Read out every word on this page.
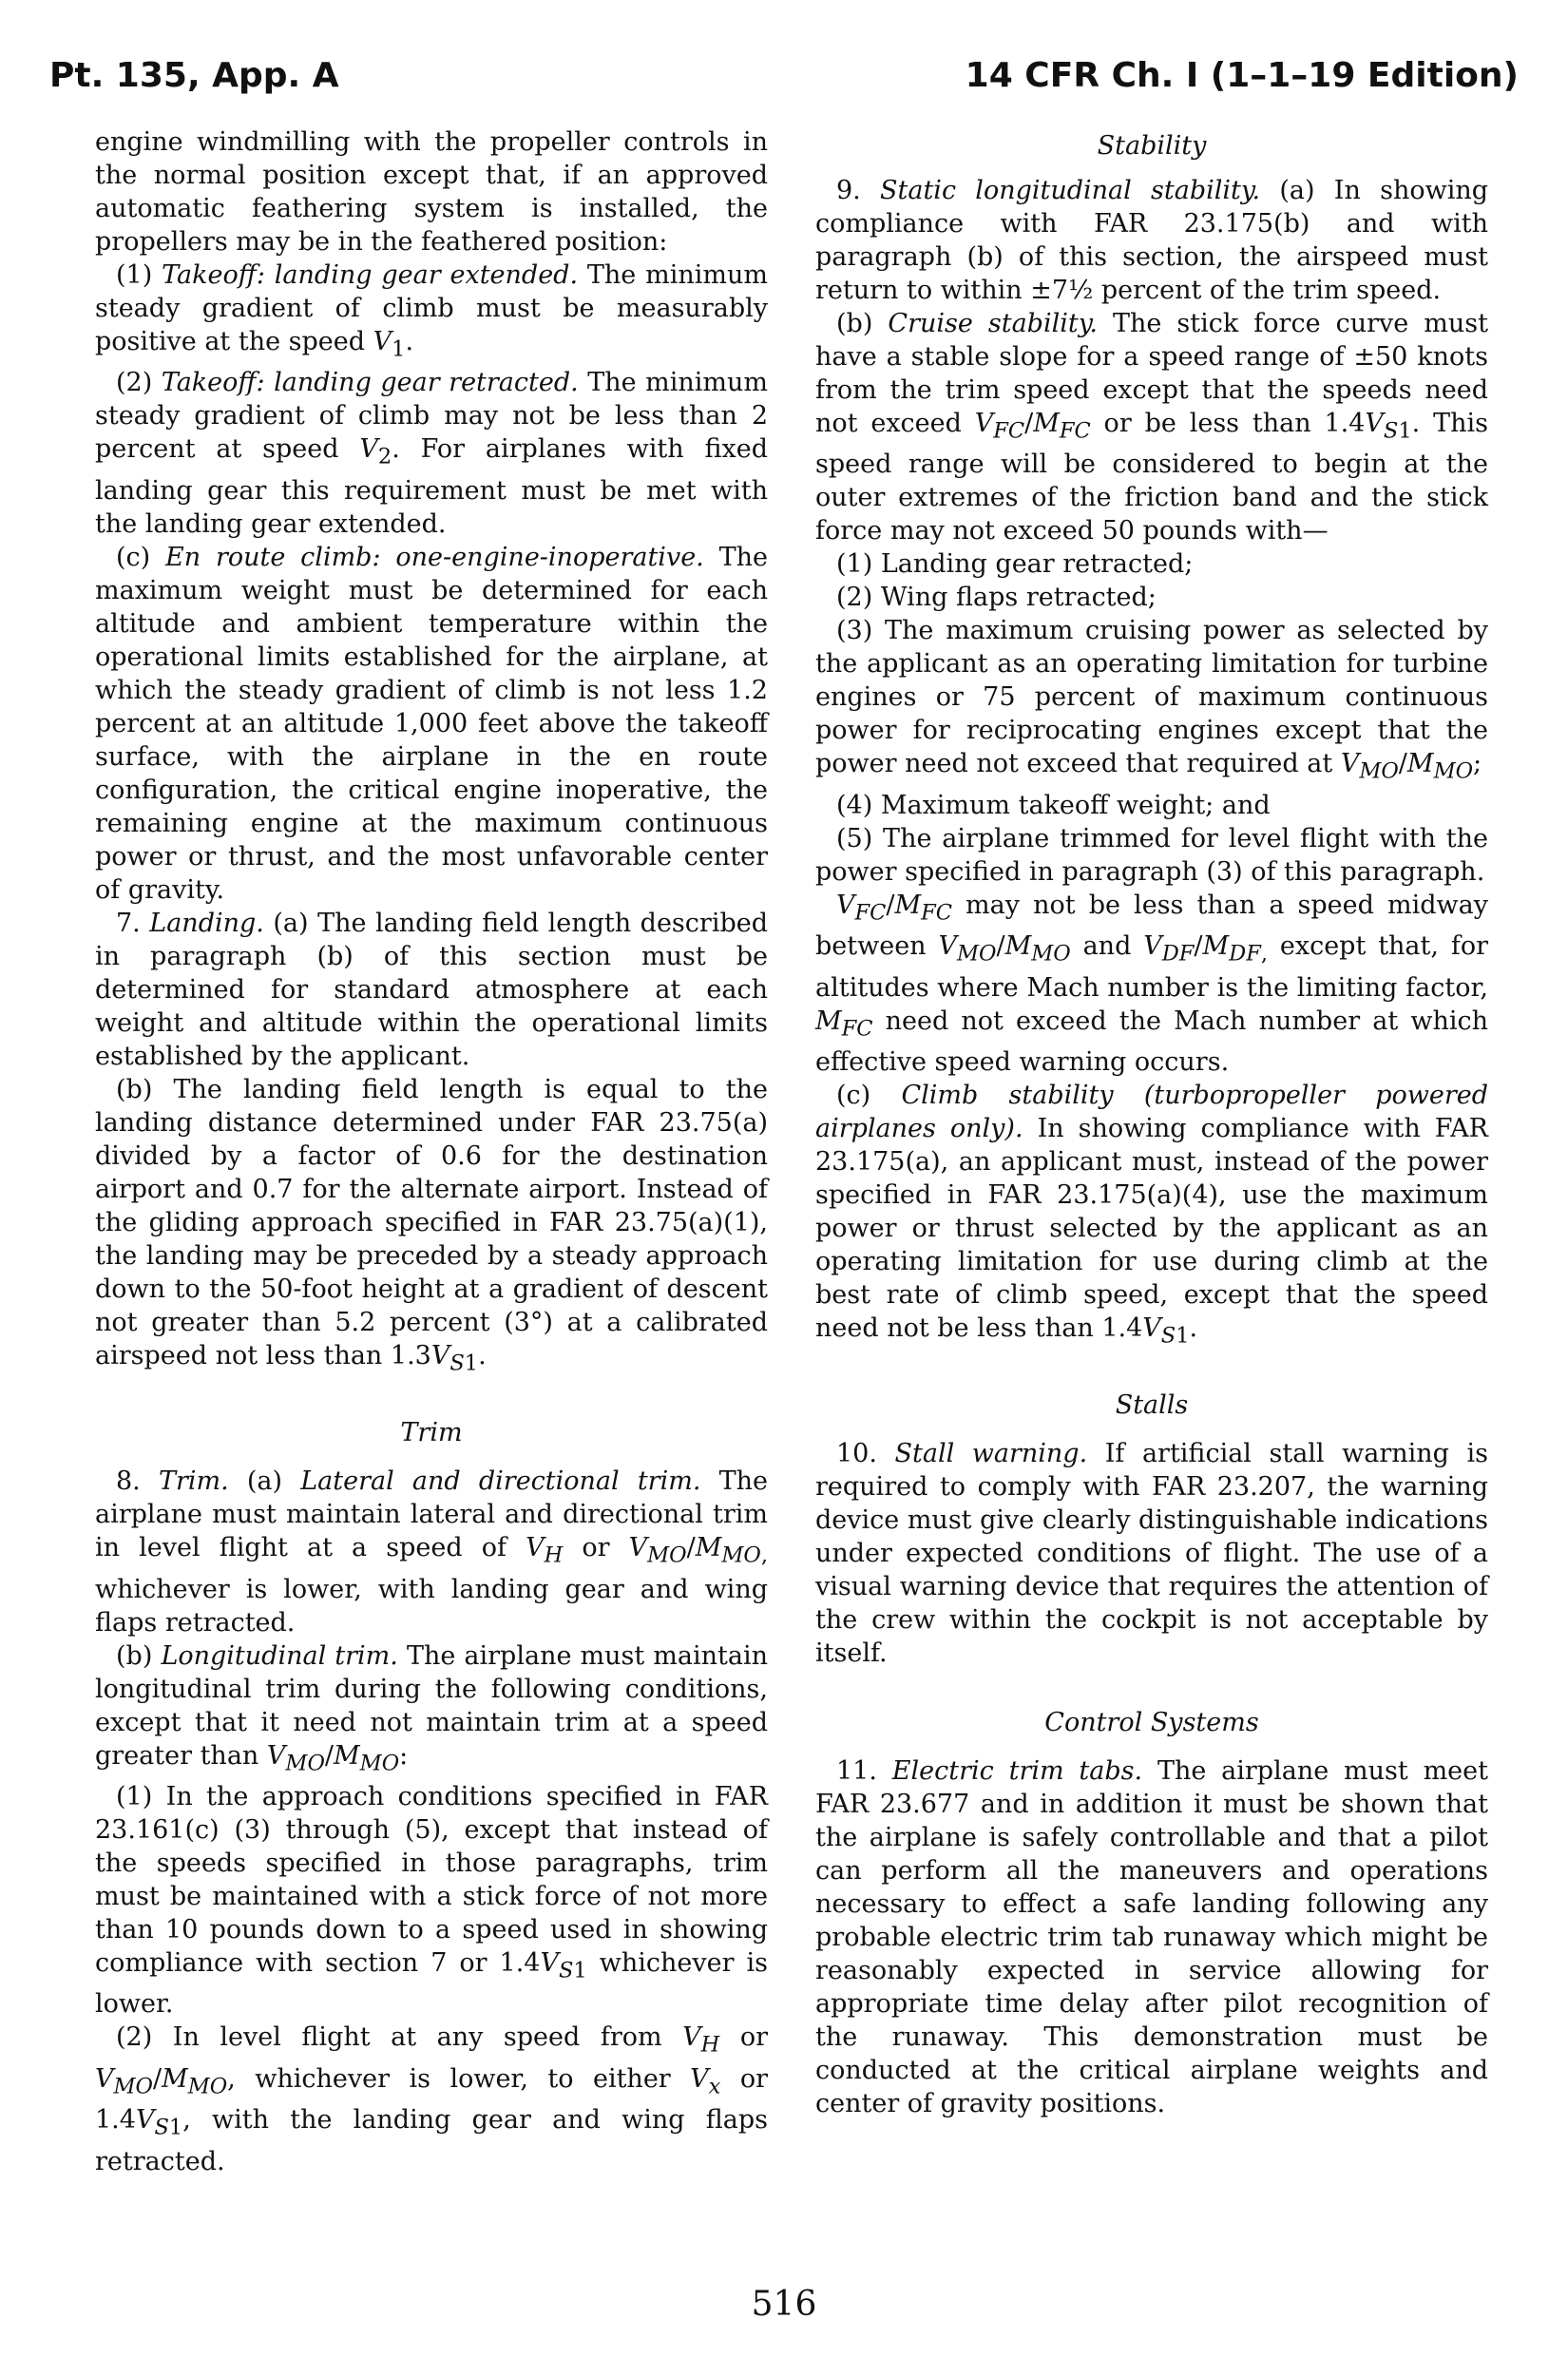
Pt. 135, App. A	14 CFR Ch. I (1–1–19 Edition)

engine windmilling with the propeller controls in the normal position except that, if an approved automatic feathering system is installed, the propellers may be in the feathered position:

(1) Takeoff: landing gear extended. The minimum steady gradient of climb must be measurably positive at the speed $V_1$.

(2) Takeoff: landing gear retracted. The minimum steady gradient of climb may not be less than 2 percent at speed $V_2$. For airplanes with fixed landing gear this requirement must be met with the landing gear extended.

(c) En route climb: one-engine-inoperative. The maximum weight must be determined for each altitude and ambient temperature within the operational limits established for the airplane, at which the steady gradient of climb is not less 1.2 percent at an altitude 1,000 feet above the takeoff surface, with the airplane in the en route configuration, the critical engine inoperative, the remaining engine at the maximum continuous power or thrust, and the most unfavorable center of gravity.

7. Landing. (a) The landing field length described in paragraph (b) of this section must be determined for standard atmosphere at each weight and altitude within the operational limits established by the applicant.

(b) The landing field length is equal to the landing distance determined under FAR 23.75(a) divided by a factor of 0.6 for the destination airport and 0.7 for the alternate airport. Instead of the gliding approach specified in FAR 23.75(a)(1), the landing may be preceded by a steady approach down to the 50-foot height at a gradient of descent not greater than 5.2 percent (3°) at a calibrated airspeed not less than $1.3V_{S1}$.

Trim

8. Trim. (a) Lateral and directional trim. The airplane must maintain lateral and directional trim in level flight at a speed of $V_H$ or $V_{MO}/M_{MO,}$ whichever is lower, with landing gear and wing flaps retracted.

(b) Longitudinal trim. The airplane must maintain longitudinal trim during the following conditions, except that it need not maintain trim at a speed greater than $V_{MO}/M_{MO}$:

(1) In the approach conditions specified in FAR 23.161(c) (3) through (5), except that instead of the speeds specified in those paragraphs, trim must be maintained with a stick force of not more than 10 pounds down to a speed used in showing compliance with section 7 or $1.4V_{S1}$ whichever is lower.

(2) In level flight at any speed from $V_H$ or $V_{MO}/M_{MO}$, whichever is lower, to either $V_x$ or $1.4V_{S1}$, with the landing gear and wing flaps retracted.

Stability

9. Static longitudinal stability. (a) In showing compliance with FAR 23.175(b) and with paragraph (b) of this section, the airspeed must return to within ±7½ percent of the trim speed.

(b) Cruise stability. The stick force curve must have a stable slope for a speed range of ±50 knots from the trim speed except that the speeds need not exceed $V_{FC}/M_{FC}$ or be less than $1.4V_{S1}$. This speed range will be considered to begin at the outer extremes of the friction band and the stick force may not exceed 50 pounds with—

(1) Landing gear retracted;

(2) Wing flaps retracted;

(3) The maximum cruising power as selected by the applicant as an operating limitation for turbine engines or 75 percent of maximum continuous power for reciprocating engines except that the power need not exceed that required at $V_{MO}/M_{MO}$;

(4) Maximum takeoff weight; and

(5) The airplane trimmed for level flight with the power specified in paragraph (3) of this paragraph.

$V_{FC}/M_{FC}$ may not be less than a speed midway between $V_{MO}/M_{MO}$ and $V_{DF}/M_{DF,}$ except that, for altitudes where Mach number is the limiting factor, $M_{FC}$ need not exceed the Mach number at which effective speed warning occurs.

(c) Climb stability (turbopropeller powered airplanes only). In showing compliance with FAR 23.175(a), an applicant must, instead of the power specified in FAR 23.175(a)(4), use the maximum power or thrust selected by the applicant as an operating limitation for use during climb at the best rate of climb speed, except that the speed need not be less than $1.4V_{S1}$.

Stalls

10. Stall warning. If artificial stall warning is required to comply with FAR 23.207, the warning device must give clearly distinguishable indications under expected conditions of flight. The use of a visual warning device that requires the attention of the crew within the cockpit is not acceptable by itself.

Control Systems

11. Electric trim tabs. The airplane must meet FAR 23.677 and in addition it must be shown that the airplane is safely controllable and that a pilot can perform all the maneuvers and operations necessary to effect a safe landing following any probable electric trim tab runaway which might be reasonably expected in service allowing for appropriate time delay after pilot recognition of the runaway. This demonstration must be conducted at the critical airplane weights and center of gravity positions.

516
